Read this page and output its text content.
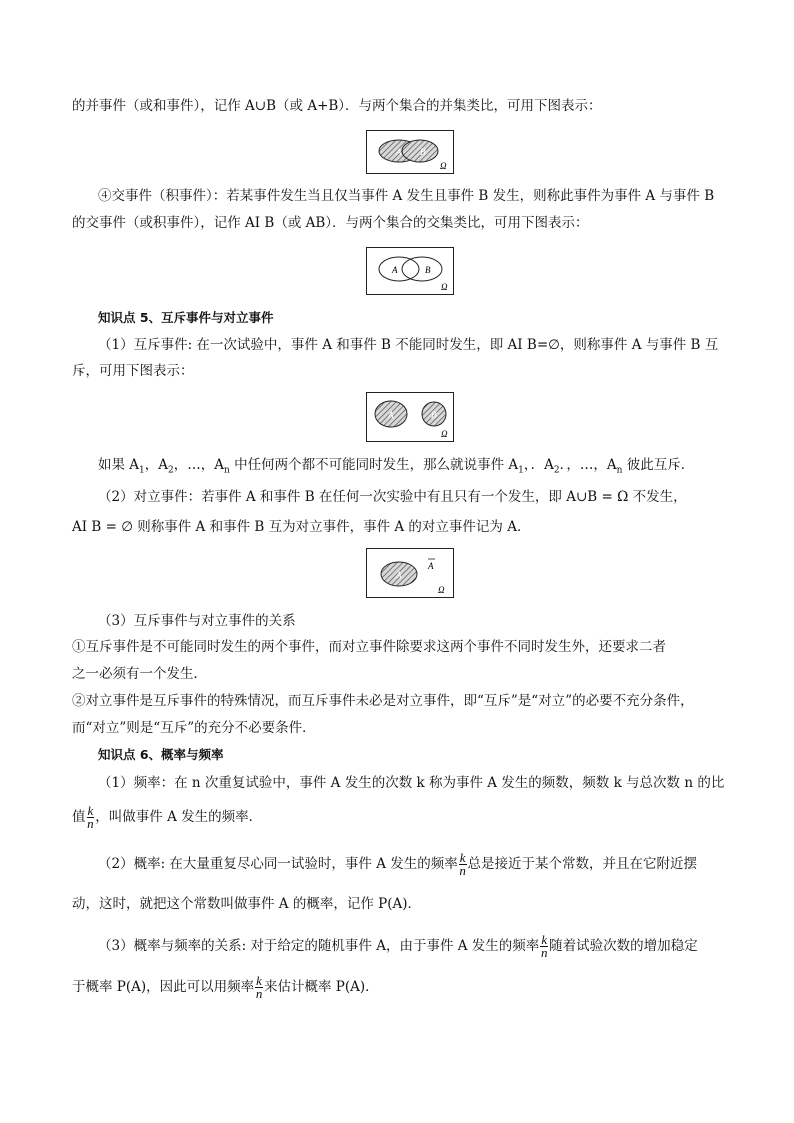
的并事件（或和事件），记作 A∪B（或 A+B）．与两个集合的并集类比，可用下图表示：
A B
Ω
④交事件（积事件）：若某事件发生当且仅当事件 A 发生且事件 B 发生，则称此事件为事件 A 与事件 B
的交事件（或积事件），记作 AI B（或 AB）．与两个集合的交集类比，可用下图表示：
A	B
Ω
知识点 5、互斥事件与对立事件
（1）互斥事件: 在一次试验中，事件 A 和事件 B 不能同时发生，即 AI B=∅，则称事件 A 与事件 B 互
斥，可用下图表示：
A	B
Ω
如果 $A_1$，$A_2$，…，$A_n$ 中任何两个都不可能同时发生，那么就说事件 $A_1$，．$A_2$．，…，$A_n$ 彼此互斥．
（2）对立事件：若事件 A 和事件 B 在任何一次实验中有且只有一个发生，即 A∪B = Ω 不发生，
AI B = ∅ 则称事件 A 和事件 B 互为对立事件，事件 A 的对立事件记为 A．
A
A
Ω
（3）互斥事件与对立事件的关系
①互斥事件是不可能同时发生的两个事件，而对立事件除要求这两个事件不同时发生外，还要求二者
之一必须有一个发生．
②对立事件是互斥事件的特殊情况，而互斥事件未必是对立事件，即“互斥”是“对立”的必要不充分条件，
而“对立”则是“互斥”的充分不必要条件．
知识点 6、概率与频率
（1）频率：在 n 次重复试验中，事件 A 发生的次数 k 称为事件 A 发生的频数，频数 k 与总次数 n 的比
值 $\frac{k}{n}$ ，叫做事件 A 发生的频率．
（2）概率: 在大量重复尽心同一试验时，事件 A 发生的频率 $\frac{k}{n}$ 总是接近于某个常数，并且在它附近摆
动，这时，就把这个常数叫做事件 A 的概率，记作 P(A)．
（3）概率与频率的关系: 对于给定的随机事件 A，由于事件 A 发生的频率 $\frac{k}{n}$ 随着试验次数的增加稳定
于概率 P(A)，因此可以用频率 $\frac{k}{n}$ 来估计概率 P(A)．
